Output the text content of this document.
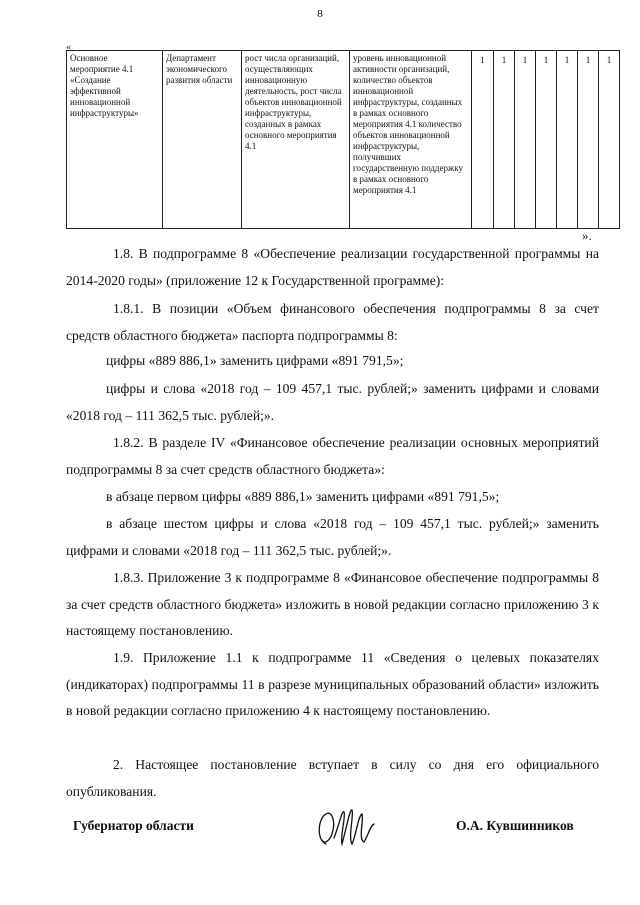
8
«
Основное мероприятие 4.1 «Создание эффективной инновационной инфраструктуры»	Департамент экономического развития области	рост числа организаций, осуществляющих инновационную деятельность, рост числа объектов инновационной инфраструктуры, созданных в рамках основного мероприятия 4.1	уровень инновационной активности организаций, количество объектов инновационной инфраструктуры, созданных в рамках основного мероприятия 4.1 количество объектов инновационной инфраструктуры, получивших государственную поддержку в рамках основного мероприятия 4.1	1	1	1	1	1	1	1
».

1.8. В подпрограмме 8 «Обеспечение реализации государственной программы на 2014-2020 годы» (приложение 12 к Государственной программе):

1.8.1. В позиции «Объем финансового обеспечения подпрограммы 8 за счет средств областного бюджета» паспорта подпрограммы 8:

цифры «889 886,1» заменить цифрами «891 791,5»;

цифры и слова «2018 год – 109 457,1 тыс. рублей;» заменить цифрами и словами «2018 год – 111 362,5 тыс. рублей;».

1.8.2. В разделе IV «Финансовое обеспечение реализации основных мероприятий подпрограммы 8 за счет средств областного бюджета»:

в абзаце первом цифры «889 886,1» заменить цифрами «891 791,5»;

в абзаце шестом цифры и слова «2018 год – 109 457,1 тыс. рублей;» заменить цифрами и словами «2018 год – 111 362,5 тыс. рублей;».

1.8.3. Приложение 3 к подпрограмме 8 «Финансовое обеспечение подпрограммы 8 за счет средств областного бюджета» изложить в новой редакции согласно приложению 3 к настоящему постановлению.

1.9. Приложение 1.1 к подпрограмме 11 «Сведения о целевых показателях (индикаторах) подпрограммы 11 в разрезе муниципальных образований области» изложить в новой редакции согласно приложению 4 к настоящему постановлению.

2. Настоящее постановление вступает в силу со дня его официального опубликования.

Губернатор области	О.А. Кувшинников
